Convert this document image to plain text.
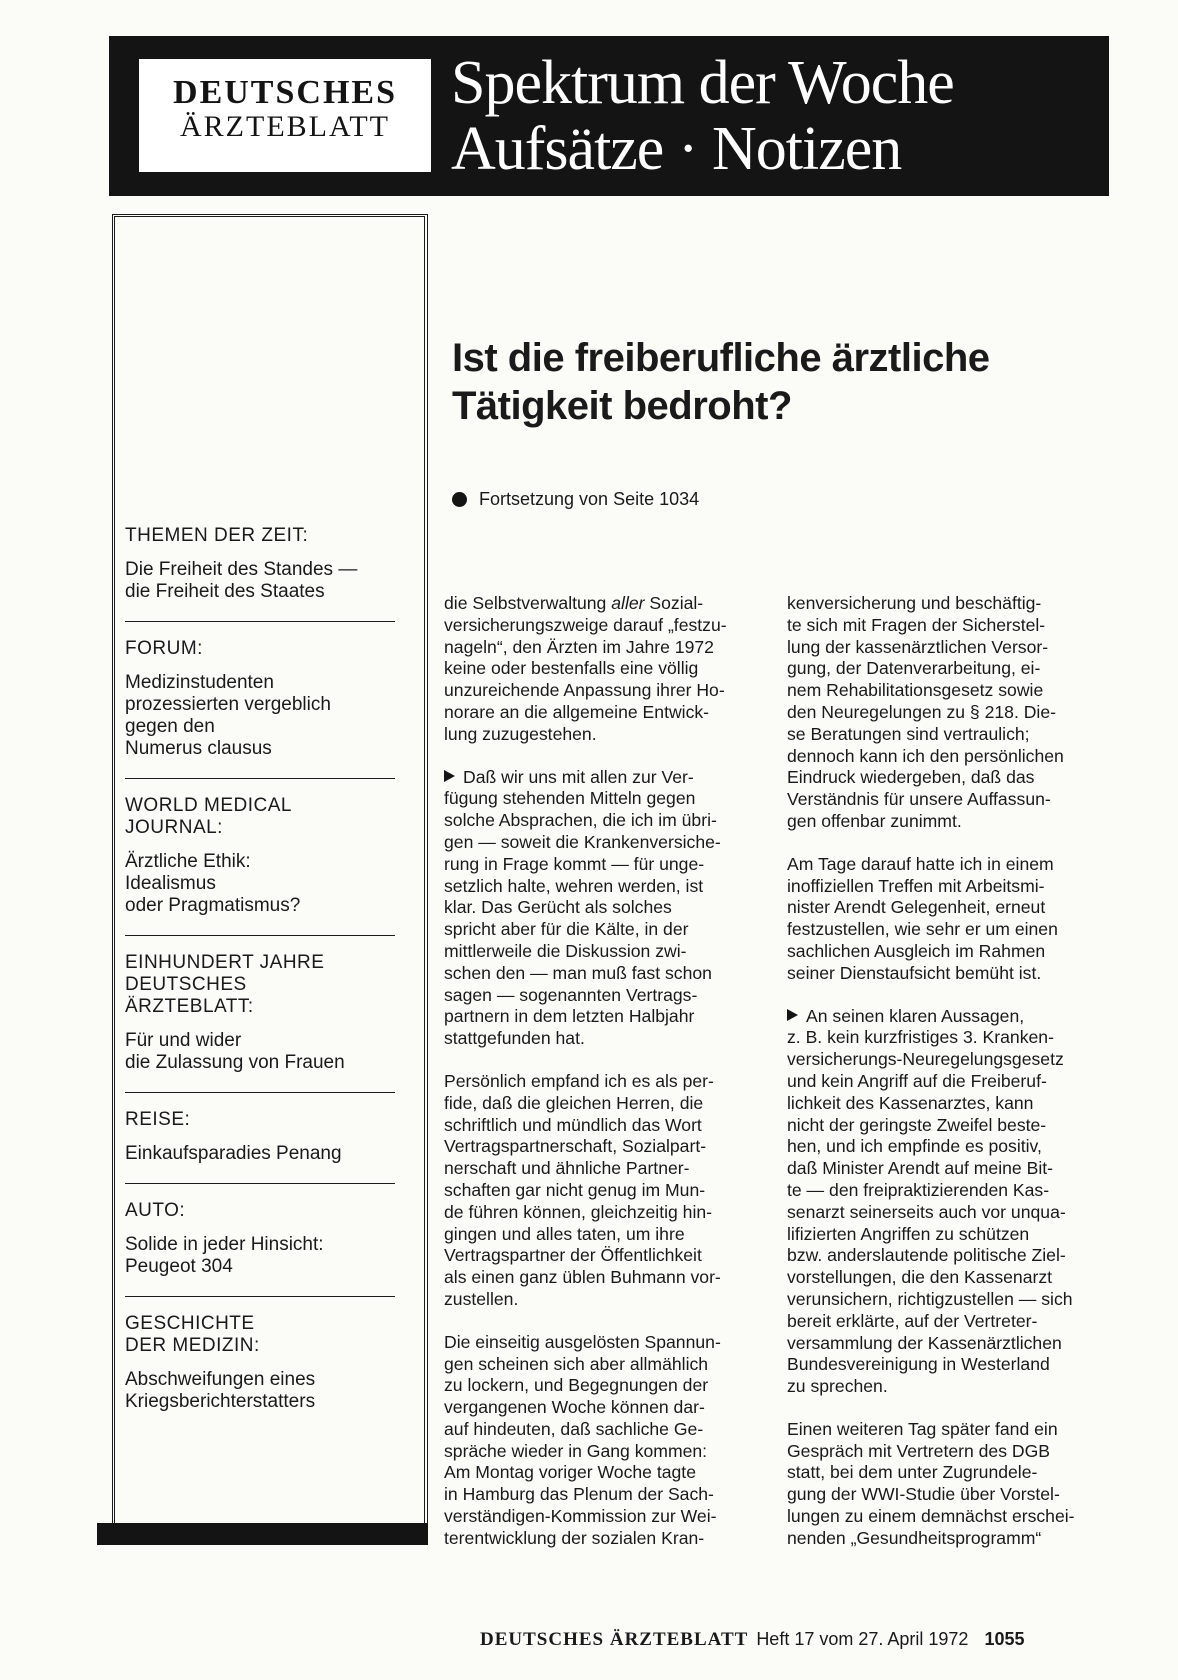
DEUTSCHES
ÄRZTEBLATT
Spektrum der Woche
Aufsätze · Notizen
THEMEN DER ZEIT:
Die Freiheit des Standes —
die Freiheit des Staates
FORUM:
Medizinstudenten
prozessierten vergeblich
gegen den
Numerus clausus
WORLD MEDICAL
JOURNAL:
Ärztliche Ethik:
Idealismus
oder Pragmatismus?
EINHUNDERT JAHRE
DEUTSCHES
ÄRZTEBLATT:
Für und wider
die Zulassung von Frauen
REISE:
Einkaufsparadies Penang
AUTO:
Solide in jeder Hinsicht:
Peugeot 304
GESCHICHTE
DER MEDIZIN:
Abschweifungen eines
Kriegsberichterstatters
Ist die freiberufliche ärztliche
Tätigkeit bedroht?
Fortsetzung von Seite 1034

die Selbstverwaltung aller Sozial-
versicherungszweige darauf „festzu-
nageln“, den Ärzten im Jahre 1972
keine oder bestenfalls eine völlig
unzureichende Anpassung ihrer Ho-
norare an die allgemeine Entwick-
lung zuzugestehen.

Daß wir uns mit allen zur Ver-
fügung stehenden Mitteln gegen
solche Absprachen, die ich im übri-
gen — soweit die Krankenversiche-
rung in Frage kommt — für unge-
setzlich halte, wehren werden, ist
klar. Das Gerücht als solches
spricht aber für die Kälte, in der
mittlerweile die Diskussion zwi-
schen den — man muß fast schon
sagen — sogenannten Vertrags-
partnern in dem letzten Halbjahr
stattgefunden hat.

Persönlich empfand ich es als per-
fide, daß die gleichen Herren, die
schriftlich und mündlich das Wort
Vertragspartnerschaft, Sozialpart-
nerschaft und ähnliche Partner-
schaften gar nicht genug im Mun-
de führen können, gleichzeitig hin-
gingen und alles taten, um ihre
Vertragspartner der Öffentlichkeit
als einen ganz üblen Buhmann vor-
zustellen.

Die einseitig ausgelösten Spannun-
gen scheinen sich aber allmählich
zu lockern, und Begegnungen der
vergangenen Woche können dar-
auf hindeuten, daß sachliche Ge-
spräche wieder in Gang kommen:
Am Montag voriger Woche tagte
in Hamburg das Plenum der Sach-
verständigen-Kommission zur Wei-
terentwicklung der sozialen Kran-

kenversicherung und beschäftig-
te sich mit Fragen der Sicherstel-
lung der kassenärztlichen Versor-
gung, der Datenverarbeitung, ei-
nem Rehabilitationsgesetz sowie
den Neuregelungen zu § 218. Die-
se Beratungen sind vertraulich;
dennoch kann ich den persönlichen
Eindruck wiedergeben, daß das
Verständnis für unsere Auffassun-
gen offenbar zunimmt.

Am Tage darauf hatte ich in einem
inoffiziellen Treffen mit Arbeitsmi-
nister Arendt Gelegenheit, erneut
festzustellen, wie sehr er um einen
sachlichen Ausgleich im Rahmen
seiner Dienstaufsicht bemüht ist.

An seinen klaren Aussagen,
z. B. kein kurzfristiges 3. Kranken-
versicherungs-Neuregelungsgesetz
und kein Angriff auf die Freiberuf-
lichkeit des Kassenarztes, kann
nicht der geringste Zweifel beste-
hen, und ich empfinde es positiv,
daß Minister Arendt auf meine Bit-
te — den freipraktizierenden Kas-
senarzt seinerseits auch vor unqua-
lifizierten Angriffen zu schützen
bzw. anderslautende politische Ziel-
vorstellungen, die den Kassenarzt
verunsichern, richtigzustellen — sich
bereit erklärte, auf der Vertreter-
versammlung der Kassenärztlichen
Bundesvereinigung in Westerland
zu sprechen.

Einen weiteren Tag später fand ein
Gespräch mit Vertretern des DGB
statt, bei dem unter Zugrundele-
gung der WWI-Studie über Vorstel-
lungen zu einem demnächst erschei-
nenden „Gesundheitsprogramm“

DEUTSCHES ÄRZTEBLATT Heft 17 vom 27. April 1972 1055
